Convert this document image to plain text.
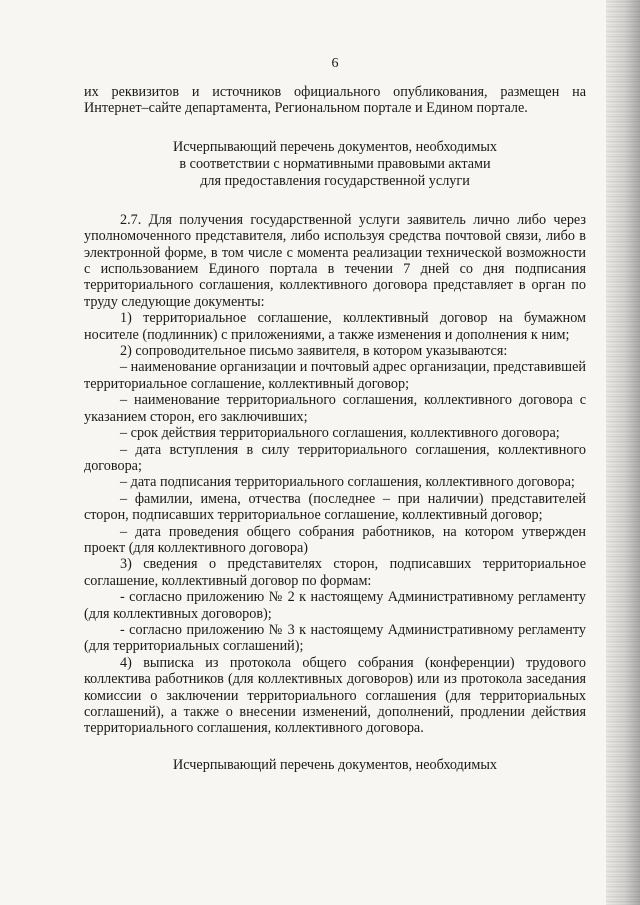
6

их реквизитов и источников официального опубликования, размещен на Интернет–сайте департамента, Региональном портале и Едином портале.

Исчерпывающий перечень документов, необходимых
в соответствии с нормативными правовыми актами
для предоставления государственной услуги

2.7. Для получения государственной услуги заявитель лично либо через уполномоченного представителя, либо используя средства почтовой связи, либо в электронной форме, в том числе с момента реализации технической возможности с использованием Единого портала в течении 7 дней со дня подписания территориального соглашения, коллективного договора представляет в орган по труду следующие документы:

1) территориальное соглашение, коллективный договор на бумажном носителе (подлинник) с приложениями, а также изменения и дополнения к ним;

2) сопроводительное письмо заявителя, в котором указываются:

– наименование организации и почтовый адрес организации, представившей территориальное соглашение, коллективный договор;

– наименование территориального соглашения, коллективного договора с указанием сторон, его заключивших;

– срок действия территориального соглашения, коллективного договора;

– дата вступления в силу территориального соглашения, коллективного договора;

– дата подписания территориального соглашения, коллективного договора;

– фамилии, имена, отчества (последнее – при наличии) представителей сторон, подписавших территориальное соглашение, коллективный договор;

– дата проведения общего собрания работников, на котором утвержден проект (для коллективного договора)

3) сведения о представителях сторон, подписавших территориальное соглашение, коллективный договор по формам:

- согласно приложению № 2 к настоящему Административному регламенту (для коллективных договоров);

- согласно приложению № 3 к настоящему Административному регламенту (для территориальных соглашений);

4) выписка из протокола общего собрания (конференции) трудового коллектива работников (для коллективных договоров) или из протокола заседания комиссии о заключении территориального соглашения (для территориальных соглашений), а также о внесении изменений, дополнений, продлении действия территориального соглашения, коллективного договора.

Исчерпывающий перечень документов, необходимых
